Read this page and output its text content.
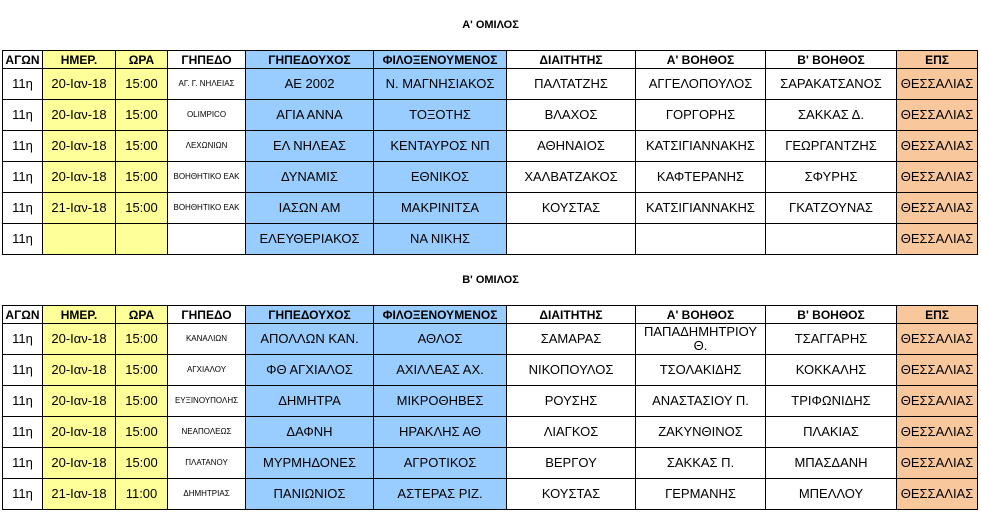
Α' ΟΜΙΛΟΣ
ΑΓΩΝ	ΗΜΕΡ.	ΩΡΑ	ΓΗΠΕΔΟ	ΓΗΠΕΔΟΥΧΟΣ	ΦΙΛΟΞΕΝΟΥΜΕΝΟΣ	ΔΙΑΙΤΗΤΗΣ	Α' ΒΟΗΘΟΣ	Β' ΒΟΗΘΟΣ	ΕΠΣ
11η	20-Ιαν-18	15:00	ΑΓ. Γ. ΝΗΛΕΙΑΣ	ΑΕ 2002	Ν. ΜΑΓΝΗΣΙΑΚΟΣ	ΠΑΛΤΑΤΖΗΣ	ΑΓΓΕΛΟΠΟΥΛΟΣ	ΣΑΡΑΚΑΤΣΑΝΟΣ	ΘΕΣΣΑΛΙΑΣ
11η	20-Ιαν-18	15:00	OLIMPICO	ΑΓΙΑ ΑΝΝΑ	ΤΟΞΟΤΗΣ	ΒΛΑΧΟΣ	ΓΟΡΓΟΡΗΣ	ΣΑΚΚΑΣ Δ.	ΘΕΣΣΑΛΙΑΣ
11η	20-Ιαν-18	15:00	ΛΕΧΩΝΙΩΝ	ΕΛ ΝΗΛΕΑΣ	ΚΕΝΤΑΥΡΟΣ ΝΠ	ΑΘΗΝΑΙΟΣ	ΚΑΤΣΙΓΙΑΝΝΑΚΗΣ	ΓΕΩΡΓΑΝΤΖΗΣ	ΘΕΣΣΑΛΙΑΣ
11η	20-Ιαν-18	15:00	ΒΟΗΘΗΤΙΚΟ ΕΑΚ	ΔΥΝΑΜΙΣ	ΕΘΝΙΚΟΣ	ΧΑΛΒΑΤΖΑΚΟΣ	ΚΑΦΤΕΡΑΝΗΣ	ΣΦΥΡΗΣ	ΘΕΣΣΑΛΙΑΣ
11η	21-Ιαν-18	15:00	ΒΟΗΘΗΤΙΚΟ ΕΑΚ	ΙΑΣΩΝ ΑΜ	ΜΑΚΡΙΝΙΤΣΑ	ΚΟΥΣΤΑΣ	ΚΑΤΣΙΓΙΑΝΝΑΚΗΣ	ΓΚΑΤΖΟΥΝΑΣ	ΘΕΣΣΑΛΙΑΣ
11η				ΕΛΕΥΘΕΡΙΑΚΟΣ	ΝΑ ΝΙΚΗΣ				ΘΕΣΣΑΛΙΑΣ
Β' ΟΜΙΛΟΣ
ΑΓΩΝ	ΗΜΕΡ.	ΩΡΑ	ΓΗΠΕΔΟ	ΓΗΠΕΔΟΥΧΟΣ	ΦΙΛΟΞΕΝΟΥΜΕΝΟΣ	ΔΙΑΙΤΗΤΗΣ	Α' ΒΟΗΘΟΣ	Β' ΒΟΗΘΟΣ	ΕΠΣ
11η	20-Ιαν-18	15:00	ΚΑΝΑΛΙΩΝ	ΑΠΟΛΛΩΝ ΚΑΝ.	ΑΘΛΟΣ	ΣΑΜΑΡΑΣ	ΠΑΠΑΔΗΜΗΤΡΙΟΥ Θ.	ΤΣΑΓΓΑΡΗΣ	ΘΕΣΣΑΛΙΑΣ
11η	20-Ιαν-18	15:00	ΑΓΧΙΑΛΟΥ	ΦΘ ΑΓΧΙΑΛΟΣ	ΑΧΙΛΛΕΑΣ ΑΧ.	ΝΙΚΟΠΟΥΛΟΣ	ΤΣΟΛΑΚΙΔΗΣ	ΚΟΚΚΑΛΗΣ	ΘΕΣΣΑΛΙΑΣ
11η	20-Ιαν-18	15:00	ΕΥΞΙΝΟΥΠΟΛΗΣ	ΔΗΜΗΤΡΑ	ΜΙΚΡΟΘΗΒΕΣ	ΡΟΥΣΗΣ	ΑΝΑΣΤΑΣΙΟΥ Π.	ΤΡΙΦΩΝΙΔΗΣ	ΘΕΣΣΑΛΙΑΣ
11η	20-Ιαν-18	15:00	ΝΕΑΠΟΛΕΩΣ	ΔΑΦΝΗ	ΗΡΑΚΛΗΣ ΑΘ	ΛΙΑΓΚΟΣ	ΖΑΚΥΝΘΙΝΟΣ	ΠΛΑΚΙΑΣ	ΘΕΣΣΑΛΙΑΣ
11η	20-Ιαν-18	15:00	ΠΛΑΤΑΝΟΥ	ΜΥΡΜΗΔΟΝΕΣ	ΑΓΡΟΤΙΚΟΣ	ΒΕΡΓΟΥ	ΣΑΚΚΑΣ Π.	ΜΠΑΣΔΑΝΗ	ΘΕΣΣΑΛΙΑΣ
11η	21-Ιαν-18	11:00	ΔΗΜΗΤΡΙΑΣ	ΠΑΝΙΩΝΙΟΣ	ΑΣΤΕΡΑΣ ΡΙΖ.	ΚΟΥΣΤΑΣ	ΓΕΡΜΑΝΗΣ	ΜΠΕΛΛΟΥ	ΘΕΣΣΑΛΙΑΣ
